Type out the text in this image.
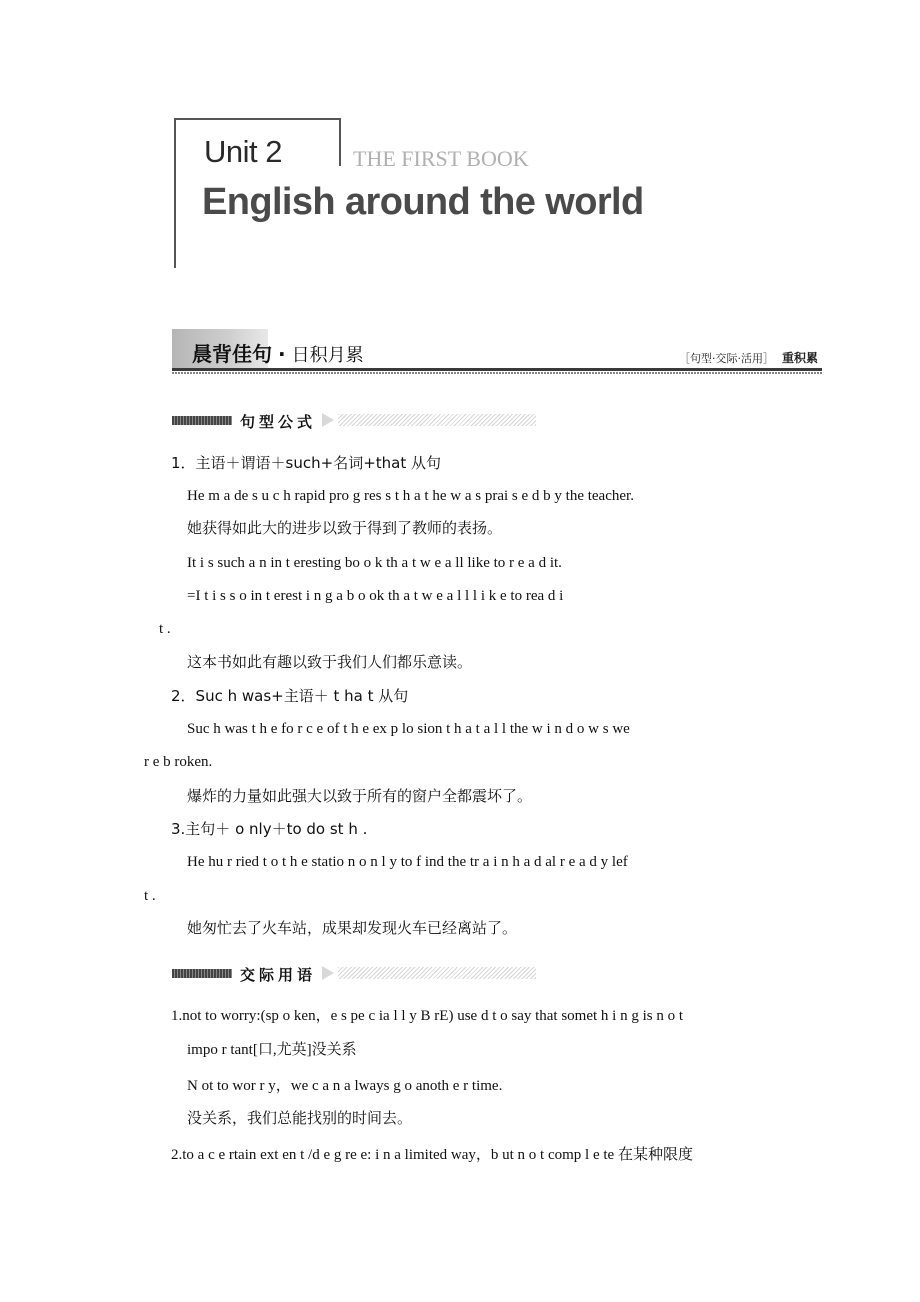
Unit 2	THE FIRST BOOK
English around the world
晨背佳句 · 日积月累	［句型·交际·活用］ 重积累
句型公式
1．主语＋谓语＋such+名词+that 从句
He m a de s u c h rapid pro g res s t h a t he w a s prai s e d b y the teacher.
她获得如此大的进步以致于得到了教师的表扬。
It i s such a n in t eresting bo o k th a t w e a ll like to r e a d it.
=I t i s s o in t erest i n g a b o ok th a t w e a l l l i k e to rea d i
t .
这本书如此有趣以致于我们人们都乐意读。
2．Suc h was+主语＋ t ha t 从句
Suc h was t h e fo r c e of t h e ex p lo sion t h a t a l l the w i n d o w s we
r e b roken.
爆炸的力量如此强大以致于所有的窗户全都震坏了。
3.主句＋ o nly＋to do st h .
He hu r ried t o t h e statio n o n l y to f ind the tr a i n h a d al r e a d y lef
t .
她匆忙去了火车站，成果却发现火车已经离站了。
交际用语
1.not to worry:(sp o ken，e s pe c ia l l y B rE) use d t o say that somet h i n g is n o t
impo r tant[口,尤英]没关系
N ot to wor r y，we c a n a lways g o anoth e r time.
没关系，我们总能找别的时间去。
2.to a c e rtain ext en t /d e g re e: i n a limited way，b ut n o t comp l e te 在某种限度
